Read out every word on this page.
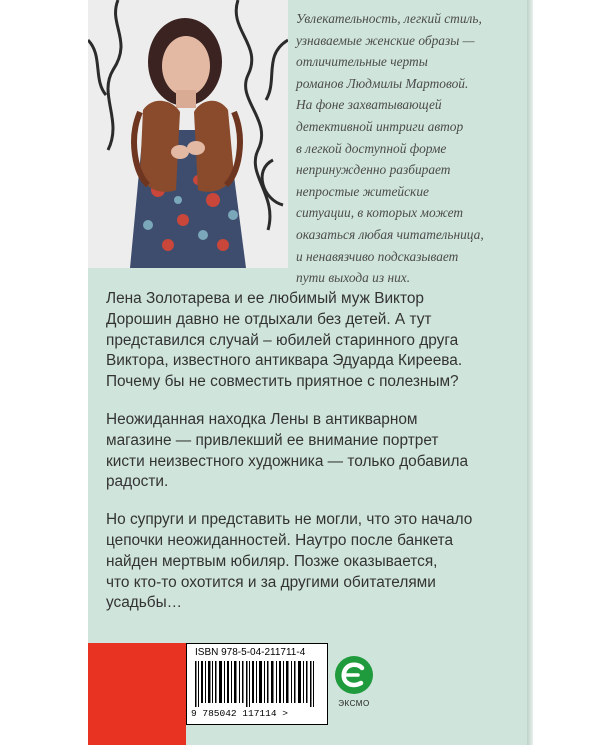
Увлекательность, легкий стиль,
узнаваемые женские образы —
отличительные черты
романов Людмилы Мартовой.
На фоне захватывающей
детективной интриги автор
в легкой доступной форме
непринужденно разбирает
непростые житейские
ситуации, в которых может
оказаться любая читательница,
и ненавязчиво подсказывает
пути выхода из них.

Лена Золотарева и ее любимый муж Виктор
Дорошин давно не отдыхали без детей. А тут
представился случай – юбилей старинного друга
Виктора, известного антиквара Эдуарда Киреева.
Почему бы не совместить приятное с полезным?

Неожиданная находка Лены в антикварном
магазине — привлекший ее внимание портрет
кисти неизвестного художника — только добавила
радости.

Но супруги и представить не могли, что это начало
цепочки неожиданностей. Наутро после банкета
найден мертвым юбиляр. Позже оказывается,
что кто-то охотится и за другими обитателями
усадьбы…

ISBN 978-5-04-211711-4
9 785042 117114 >
ЭКСМО
